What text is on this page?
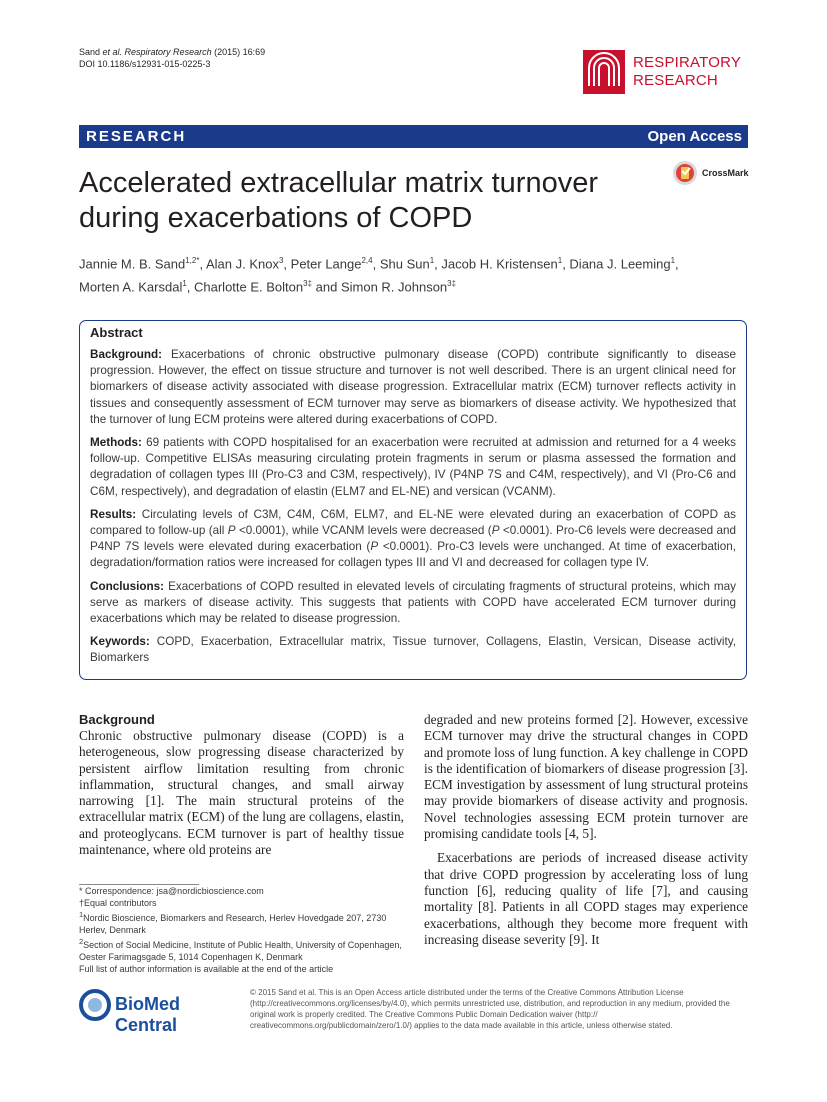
Sand et al. Respiratory Research (2015) 16:69
DOI 10.1186/s12931-015-0225-3	RESPIRATORY
RESEARCH
RESEARCH	Open Access
Accelerated extracellular matrix turnover
during exacerbations of COPD
CrossMark
Jannie M. B. Sand$^{1,2*}$, Alan J. Knox$^3$, Peter Lange$^{2,4}$, Shu Sun$^1$, Jacob H. Kristensen$^1$, Diana J. Leeming$^1$,
Morten A. Karsdal$^1$, Charlotte E. Bolton$^{3\ddagger}$ and Simon R. Johnson$^{3\ddagger}$
Abstract

Background: Exacerbations of chronic obstructive pulmonary disease (COPD) contribute significantly to disease progression. However, the effect on tissue structure and turnover is not well described. There is an urgent clinical need for biomarkers of disease activity associated with disease progression. Extracellular matrix (ECM) turnover reflects activity in tissues and consequently assessment of ECM turnover may serve as biomarkers of disease activity. We hypothesized that the turnover of lung ECM proteins were altered during exacerbations of COPD.

Methods: 69 patients with COPD hospitalised for an exacerbation were recruited at admission and returned for a 4 weeks follow-up. Competitive ELISAs measuring circulating protein fragments in serum or plasma assessed the formation and degradation of collagen types III (Pro-C3 and C3M, respectively), IV (P4NP 7S and C4M, respectively), and VI (Pro-C6 and C6M, respectively), and degradation of elastin (ELM7 and EL-NE) and versican (VCANM).

Results: Circulating levels of C3M, C4M, C6M, ELM7, and EL-NE were elevated during an exacerbation of COPD as compared to follow-up (all P <0.0001), while VCANM levels were decreased (P <0.0001). Pro-C6 levels were decreased and P4NP 7S levels were elevated during exacerbation (P <0.0001). Pro-C3 levels were unchanged. At time of exacerbation, degradation/formation ratios were increased for collagen types III and VI and decreased for collagen type IV.

Conclusions: Exacerbations of COPD resulted in elevated levels of circulating fragments of structural proteins, which may serve as markers of disease activity. This suggests that patients with COPD have accelerated ECM turnover during exacerbations which may be related to disease progression.

Keywords: COPD, Exacerbation, Extracellular matrix, Tissue turnover, Collagens, Elastin, Versican, Disease activity, Biomarkers

Background

Chronic obstructive pulmonary disease (COPD) is a heterogeneous, slow progressing disease characterized by persistent airflow limitation resulting from chronic inflammation, structural changes, and small airway narrowing [1]. The main structural proteins of the extracellular matrix (ECM) of the lung are collagens, elastin, and proteoglycans. ECM turnover is part of healthy tissue maintenance, where old proteins are

degraded and new proteins formed [2]. However, excessive ECM turnover may drive the structural changes in COPD and promote loss of lung function. A key challenge in COPD is the identification of biomarkers of disease progression [3]. ECM investigation by assessment of lung structural proteins may provide biomarkers of disease activity and prognosis. Novel technologies assessing ECM protein turnover are promising candidate tools [4, 5].

Exacerbations are periods of increased disease activity that drive COPD progression by accelerating loss of lung function [6], reducing quality of life [7], and causing mortality [8]. Patients in all COPD stages may experience exacerbations, although they become more frequent with increasing disease severity [9]. It

* Correspondence: jsa@nordicbioscience.com
†Equal contributors
$^1$Nordic Bioscience, Biomarkers and Research, Herlev Hovedgade 207, 2730 Herlev, Denmark
$^2$Section of Social Medicine, Institute of Public Health, University of Copenhagen, Oester Farimagsgade 5, 1014 Copenhagen K, Denmark
Full list of author information is available at the end of the article
BioMed Central
© 2015 Sand et al. This is an Open Access article distributed under the terms of the Creative Commons Attribution License (http://creativecommons.org/licenses/by/4.0), which permits unrestricted use, distribution, and reproduction in any medium, provided the original work is properly credited. The Creative Commons Public Domain Dedication waiver (http:// creativecommons.org/publicdomain/zero/1.0/) applies to the data made available in this article, unless otherwise stated.
